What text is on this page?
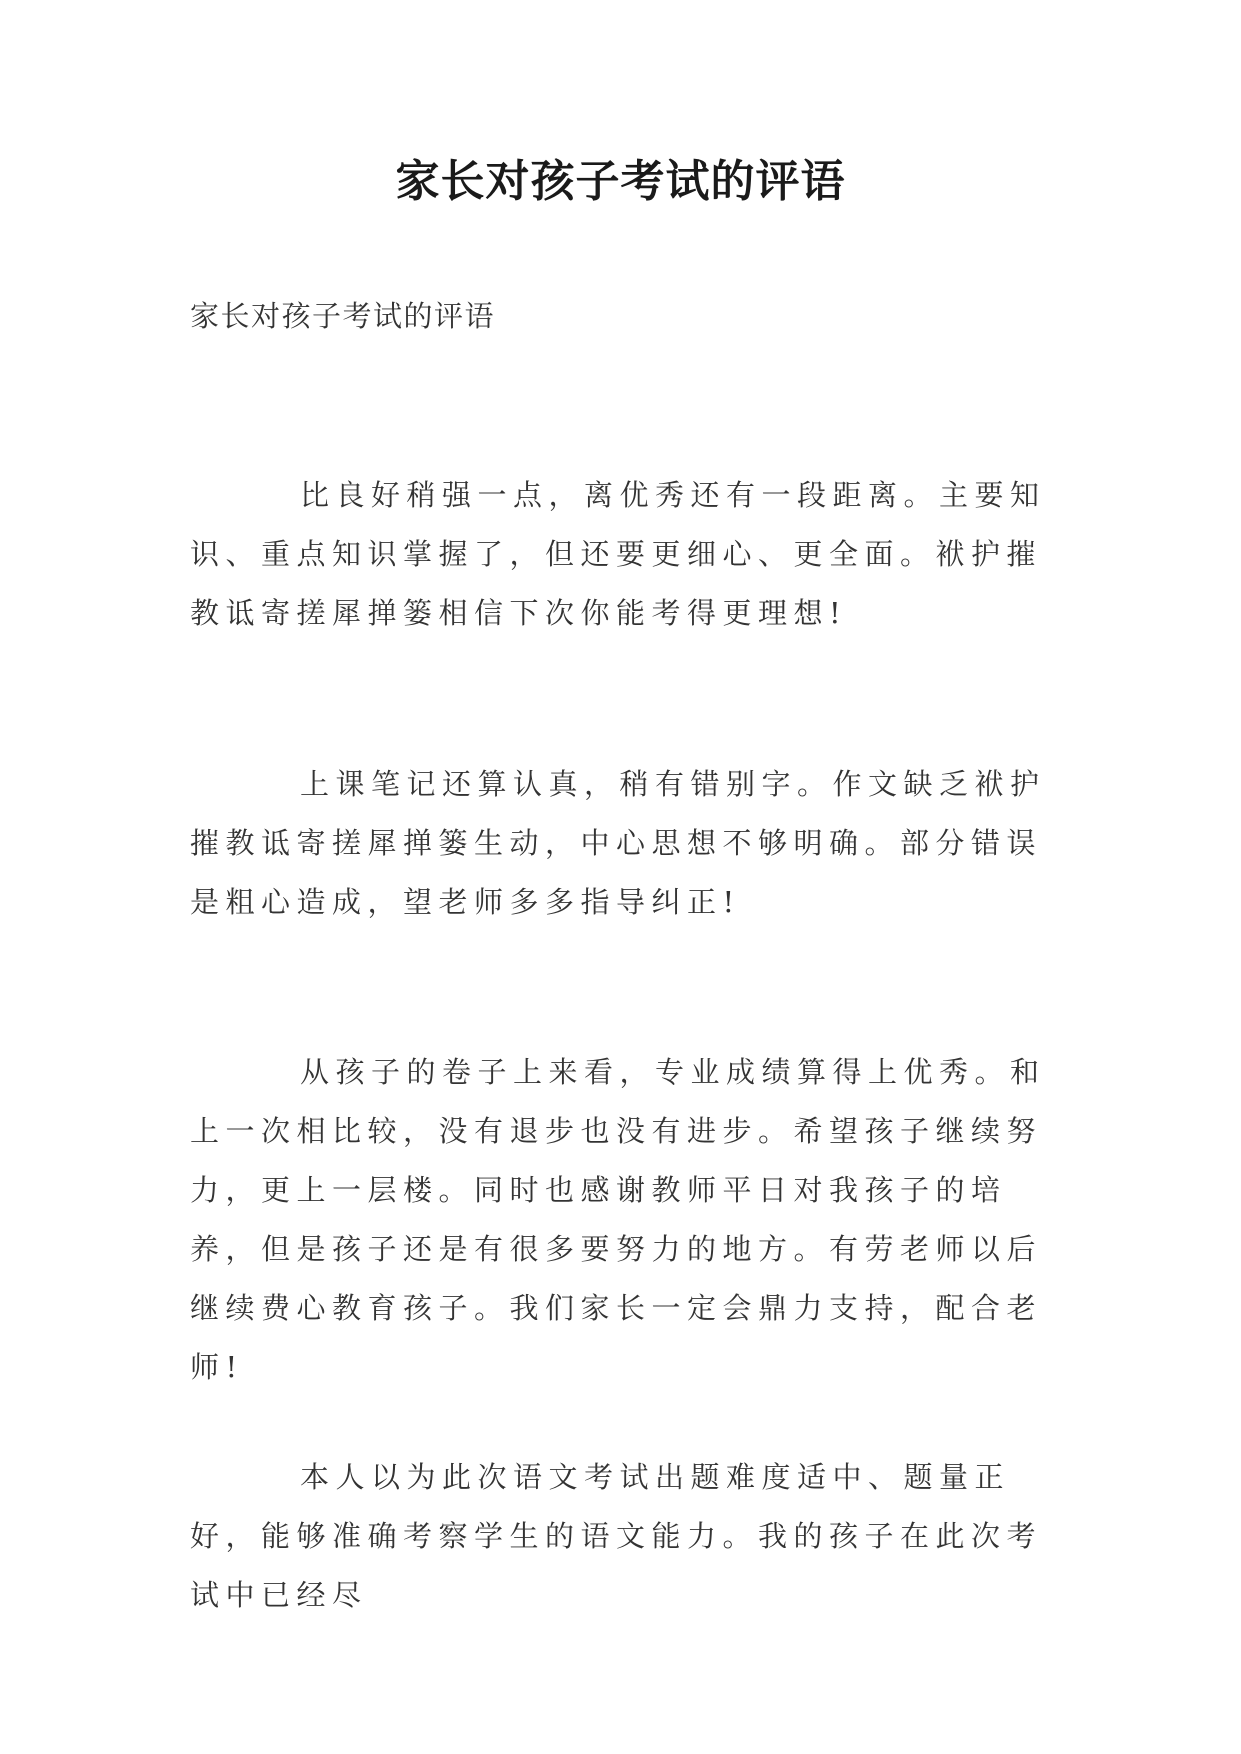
家长对孩子考试的评语

家长对孩子考试的评语

比良好稍强一点，离优秀还有一段距离。主要知识、重点知识掌握了，但还要更细心、更全面。袱护摧教诋寄搓犀掸篓相信下次你能考得更理想!

上课笔记还算认真，稍有错别字。作文缺乏袱护摧教诋寄搓犀掸篓生动，中心思想不够明确。部分错误是粗心造成，望老师多多指导纠正!

从孩子的卷子上来看，专业成绩算得上优秀。和上一次相比较，没有退步也没有进步。希望孩子继续努力，更上一层楼。同时也感谢教师平日对我孩子的培养，但是孩子还是有很多要努力的地方。有劳老师以后继续费心教育孩子。我们家长一定会鼎力支持，配合老师!

本人以为此次语文考试出题难度适中、题量正好，能够准确考察学生的语文能力。我的孩子在此次考试中已经尽
